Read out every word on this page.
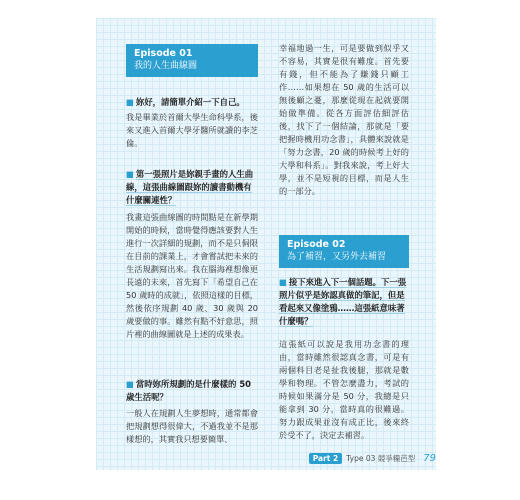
Episode 01
我的人生曲線圖
■ 妳好，請簡單介紹一下自己。
我是畢業於首爾大學生命科學系，後來又進入首爾大學牙醫所就讀的李芝倫。
■ 第一張照片是妳親手畫的人生曲線，這張曲線圖跟妳的讀書動機有什麼關連性？
我畫這張曲線圖的時間點是在新學期開始的時候，當時覺得應該要對人生進行一次詳細的規劃，而不是只侷限在目前的課業上，才會嘗試把未來的生活規劃寫出來。我在腦海裡想像更長遠的未來，首先寫下「希望自己在 50 歲時的成就」，依照這樣的目標，然後依序規劃 40 歲、30 歲與 20 歲要做的事。雖然有點不好意思，照片裡的曲線圖就是上述的成果表。
■ 當時妳所規劃的是什麼樣的 50 歲生活呢？
一般人在規劃人生夢想時，通常都會把規劃想得很偉大，不過我並不是那樣想的，其實我只想要簡單、
幸福地過一生，可是要做到似乎又不容易，其實是很有難度。首先要有錢，但不能為了賺錢只顧工作……如果想在 50 歲的生活可以無後顧之憂，那麼從現在起就要開始做準備。從各方面評估細評估後，找下了一個結論，那就是「要把握時機用功念書」，具體來說就是「努力念書，20 歲的時候考上好的大學和科系」。對我來說，考上好大學，並不是短視的目標，而是人生的一部分。
Episode 02
為了補習，又另外去補習
■ 接下來進入下一個話題。下一張照片似乎是妳認真做的筆記，但是看起來又像塗鴉……這張紙意味著什麼嗎？
這張紙可以說是我用功念書的理由，當時雖然很認真念書，可是有兩個科目老是扯我後腿，那就是數學和物理。不管怎麼盡力，考試的時候如果滿分是 50 分，我總是只能拿到 30 分，當時真的很難過。努力跟成果並沒有成正比，後來終於受不了，決定去補習。
Part 2	Type 03 競爭糧芭型 79
